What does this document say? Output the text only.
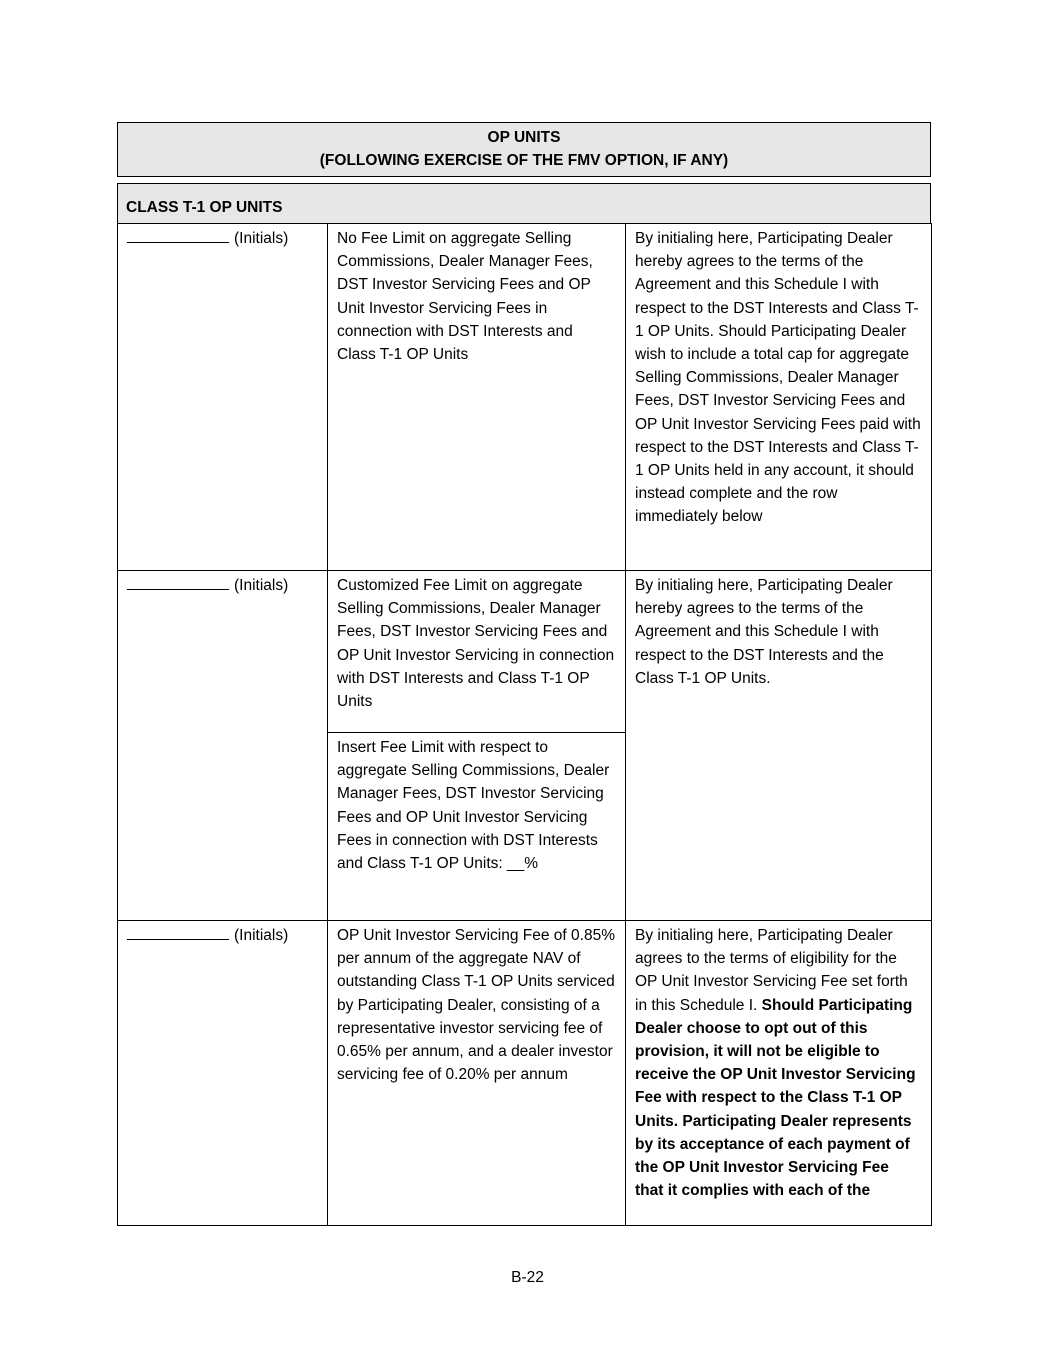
OP UNITS
(FOLLOWING EXERCISE OF THE FMV OPTION, IF ANY)
CLASS T-1 OP UNITS
(Initials)	No Fee Limit on aggregate Selling Commissions, Dealer Manager Fees, DST Investor Servicing Fees and OP Unit Investor Servicing Fees in connection with DST Interests and Class T-1 OP Units	By initialing here, Participating Dealer hereby agrees to the terms of the Agreement and this Schedule I with respect to the DST Interests and Class T-1 OP Units. Should Participating Dealer wish to include a total cap for aggregate Selling Commissions, Dealer Manager Fees, DST Investor Servicing Fees and OP Unit Investor Servicing Fees paid with respect to the DST Interests and Class T-1 OP Units held in any account, it should instead complete and the row immediately below
(Initials)	Customized Fee Limit on aggregate Selling Commissions, Dealer Manager Fees, DST Investor Servicing Fees and OP Unit Investor Servicing in connection with DST Interests and Class T-1 OP Units	By initialing here, Participating Dealer hereby agrees to the terms of the Agreement and this Schedule I with respect to the DST Interests and the Class T-1 OP Units.
	Insert Fee Limit with respect to aggregate Selling Commissions, Dealer Manager Fees, DST Investor Servicing Fees and OP Unit Investor Servicing Fees in connection with DST Interests and Class T-1 OP Units: __%	
(Initials)	OP Unit Investor Servicing Fee of 0.85% per annum of the aggregate NAV of outstanding Class T-1 OP Units serviced by Participating Dealer, consisting of a representative investor servicing fee of 0.65% per annum, and a dealer investor servicing fee of 0.20% per annum	By initialing here, Participating Dealer agrees to the terms of eligibility for the OP Unit Investor Servicing Fee set forth in this Schedule I. Should Participating Dealer choose to opt out of this provision, it will not be eligible to receive the OP Unit Investor Servicing Fee with respect to the Class T-1 OP Units. Participating Dealer represents by its acceptance of each payment of the OP Unit Investor Servicing Fee that it complies with each of the
B-22
